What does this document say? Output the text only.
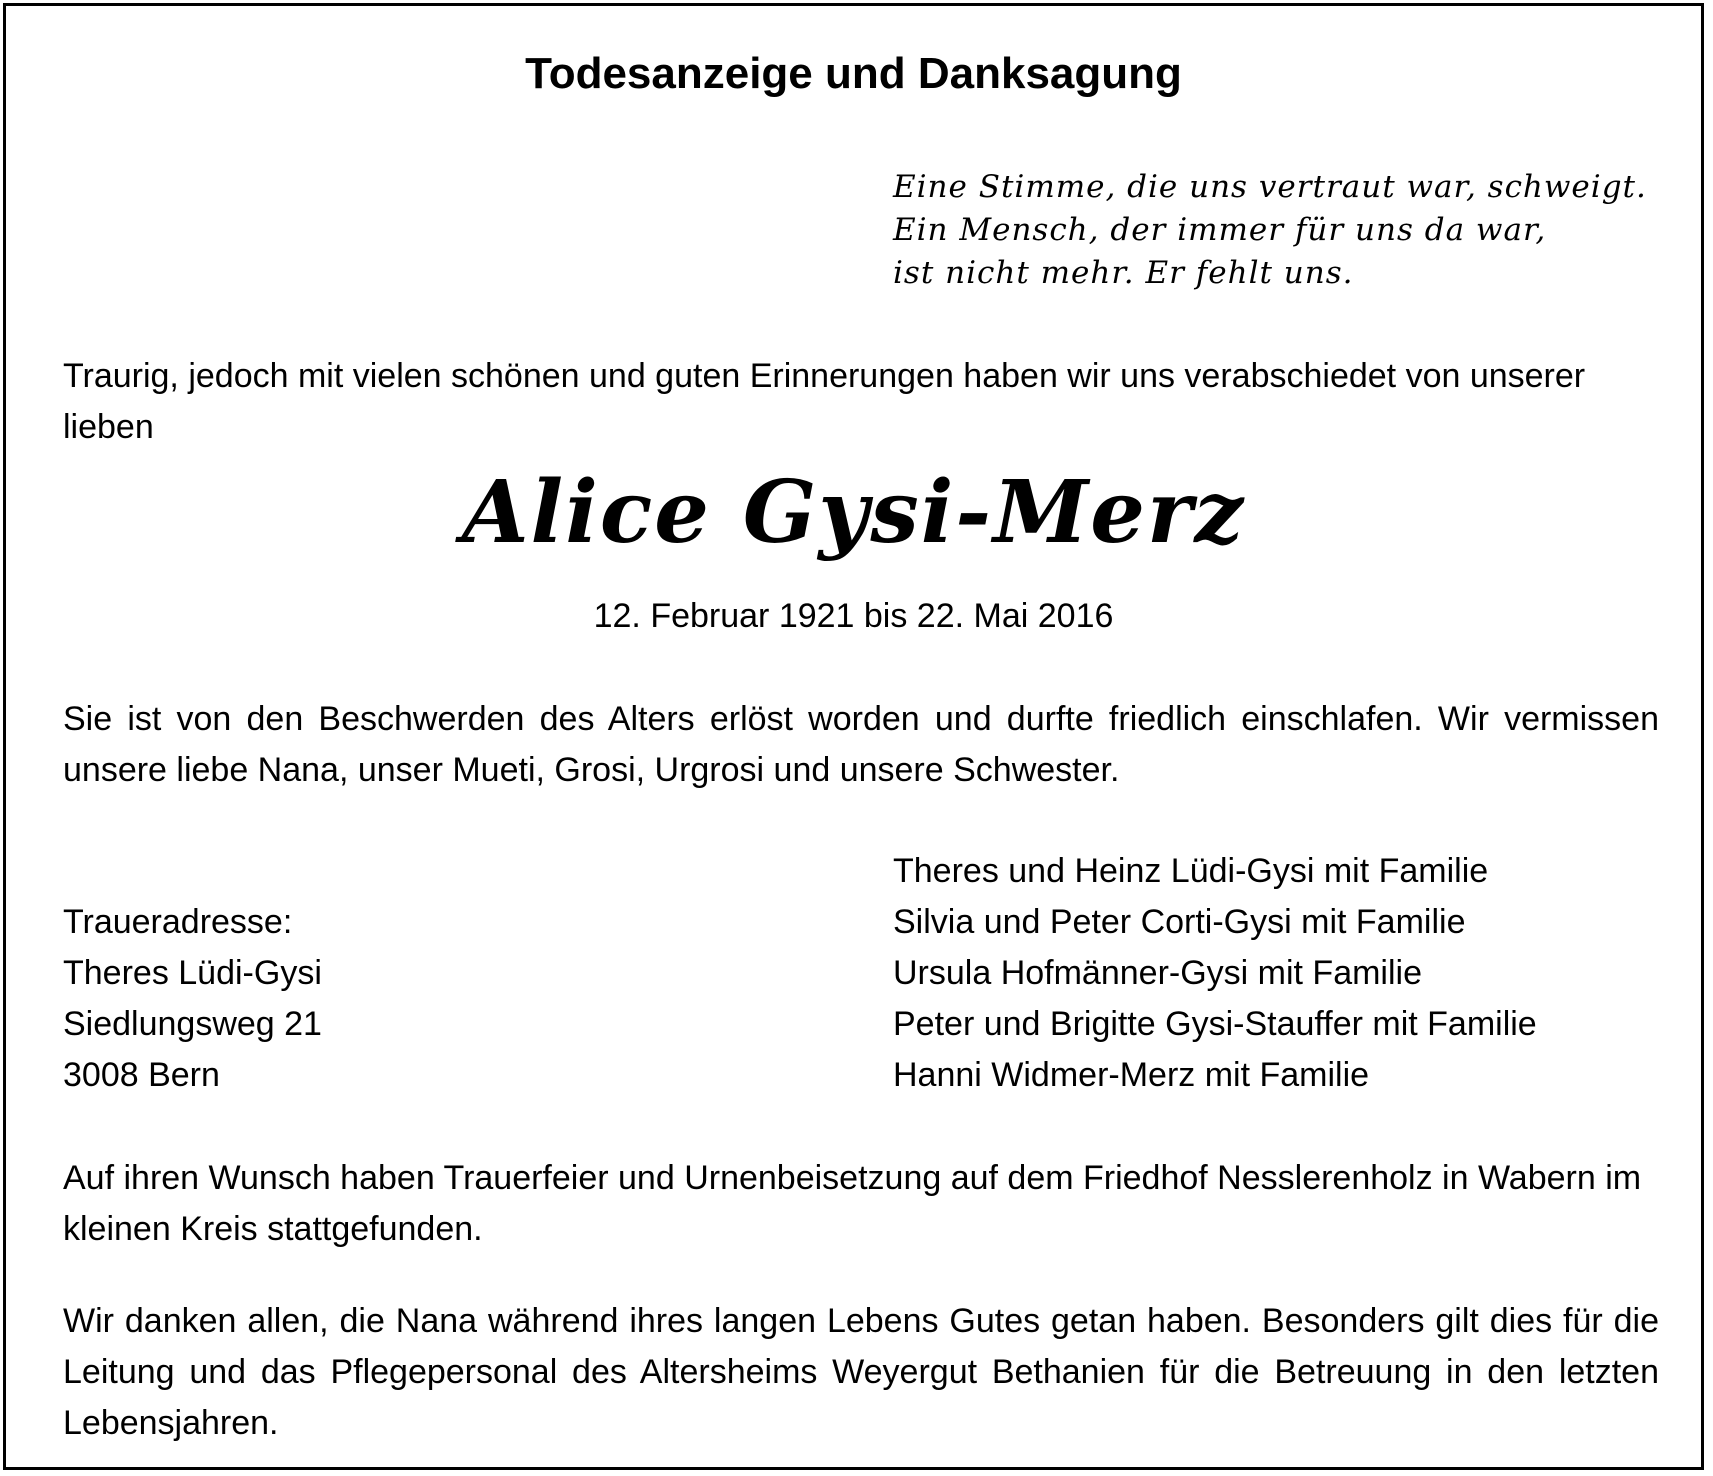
Todesanzeige und Danksagung
Eine Stimme, die uns vertraut war, schweigt.
Ein Mensch, der immer für uns da war,
ist nicht mehr. Er fehlt uns.
Traurig, jedoch mit vielen schönen und guten Erinnerungen haben wir uns verabschiedet von unserer lieben
Alice Gysi-Merz
12. Februar 1921 bis 22. Mai 2016
Sie ist von den Beschwerden des Alters erlöst worden und durfte friedlich einschlafen. Wir vermissen unsere liebe Nana, unser Mueti, Grosi, Urgrosi und unsere Schwester.
Traueradresse:
Theres Lüdi-Gysi
Siedlungsweg 21
3008 Bern
Theres und Heinz Lüdi-Gysi mit Familie
Silvia und Peter Corti-Gysi mit Familie
Ursula Hofmänner-Gysi mit Familie
Peter und Brigitte Gysi-Stauffer mit Familie
Hanni Widmer-Merz mit Familie
Auf ihren Wunsch haben Trauerfeier und Urnenbeisetzung auf dem Friedhof Nesslerenholz in Wabern im kleinen Kreis stattgefunden.
Wir danken allen, die Nana während ihres langen Lebens Gutes getan haben. Besonders gilt dies für die Leitung und das Pflegepersonal des Altersheims Weyergut Bethanien für die Betreuung in den letzten Lebensjahren.
